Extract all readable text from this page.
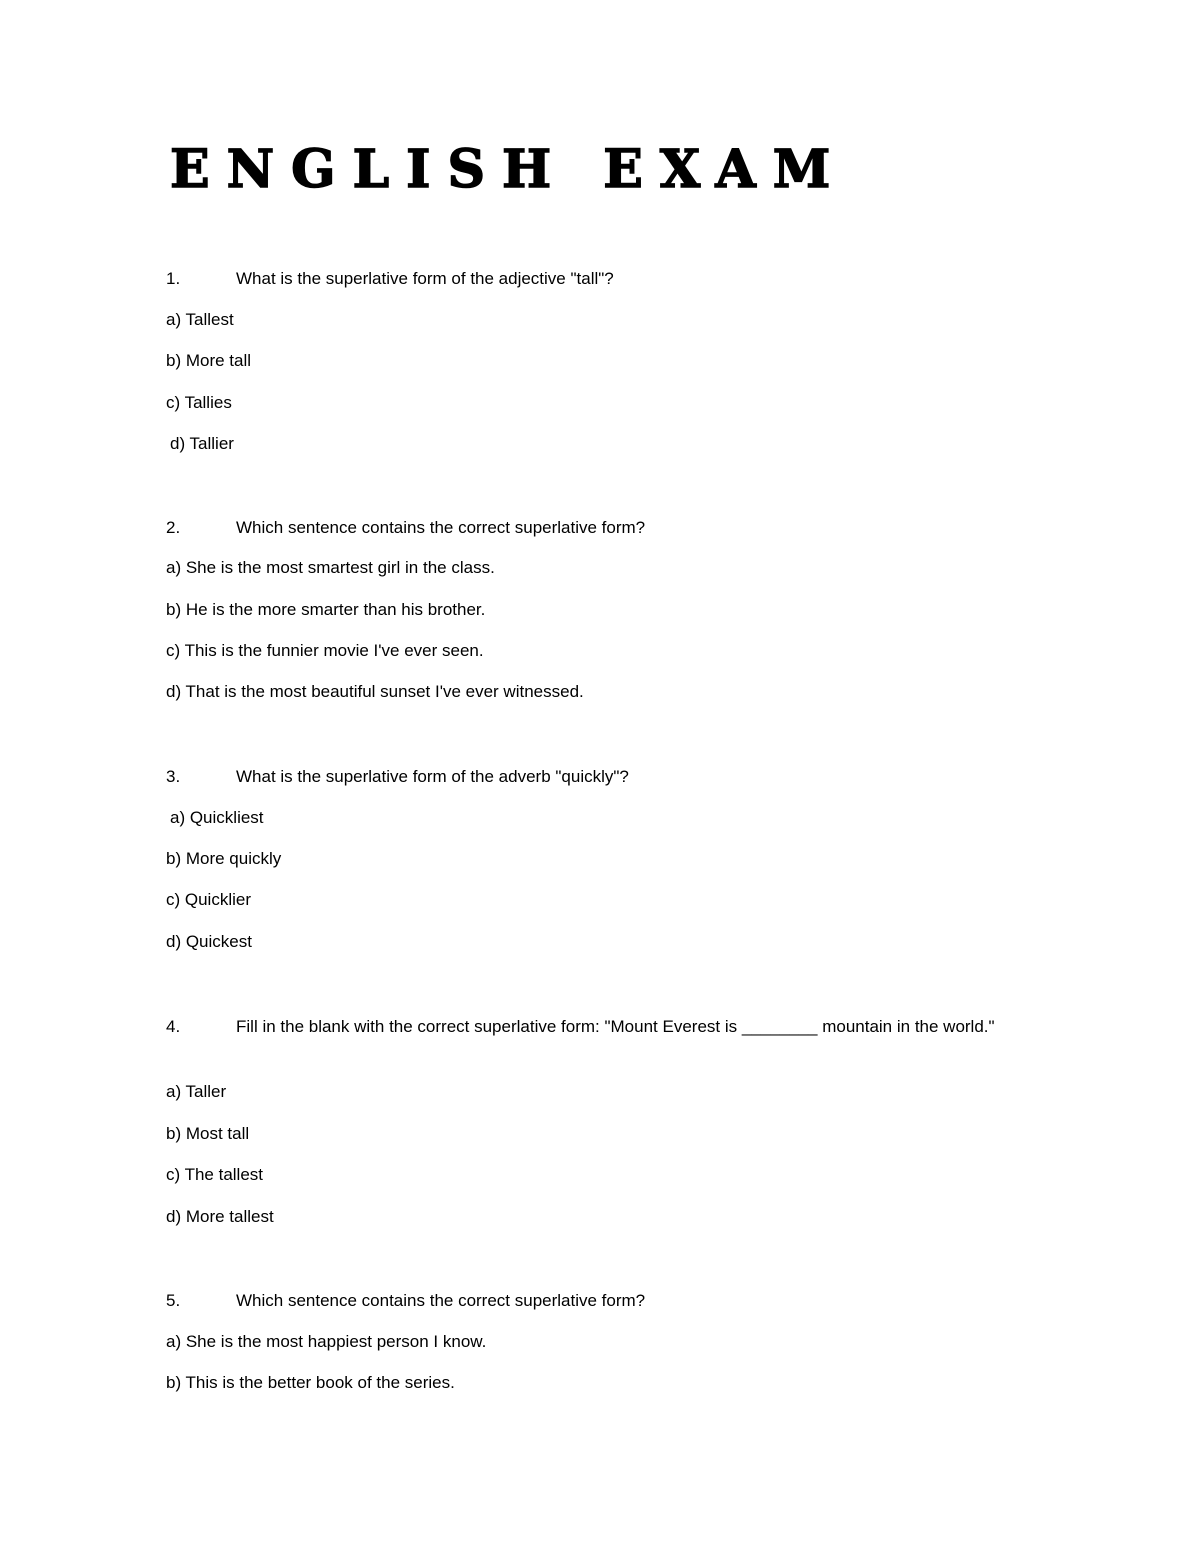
ENGLISH EXAM
1.	What is the superlative form of the adjective "tall"?
a) Tallest
b) More tall
c) Tallies
d) Tallier
2.	Which sentence contains the correct superlative form?
a) She is the most smartest girl in the class.
b) He is the more smarter than his brother.
c) This is the funnier movie I've ever seen.
d) That is the most beautiful sunset I've ever witnessed.
3.	What is the superlative form of the adverb "quickly"?
a) Quickliest
b) More quickly
c) Quicklier
d) Quickest
4.	Fill in the blank with the correct superlative form: "Mount Everest is ________ mountain in the world."
a) Taller
b) Most tall
c) The tallest
d) More tallest
5.	Which sentence contains the correct superlative form?
a) She is the most happiest person I know.
b) This is the better book of the series.
